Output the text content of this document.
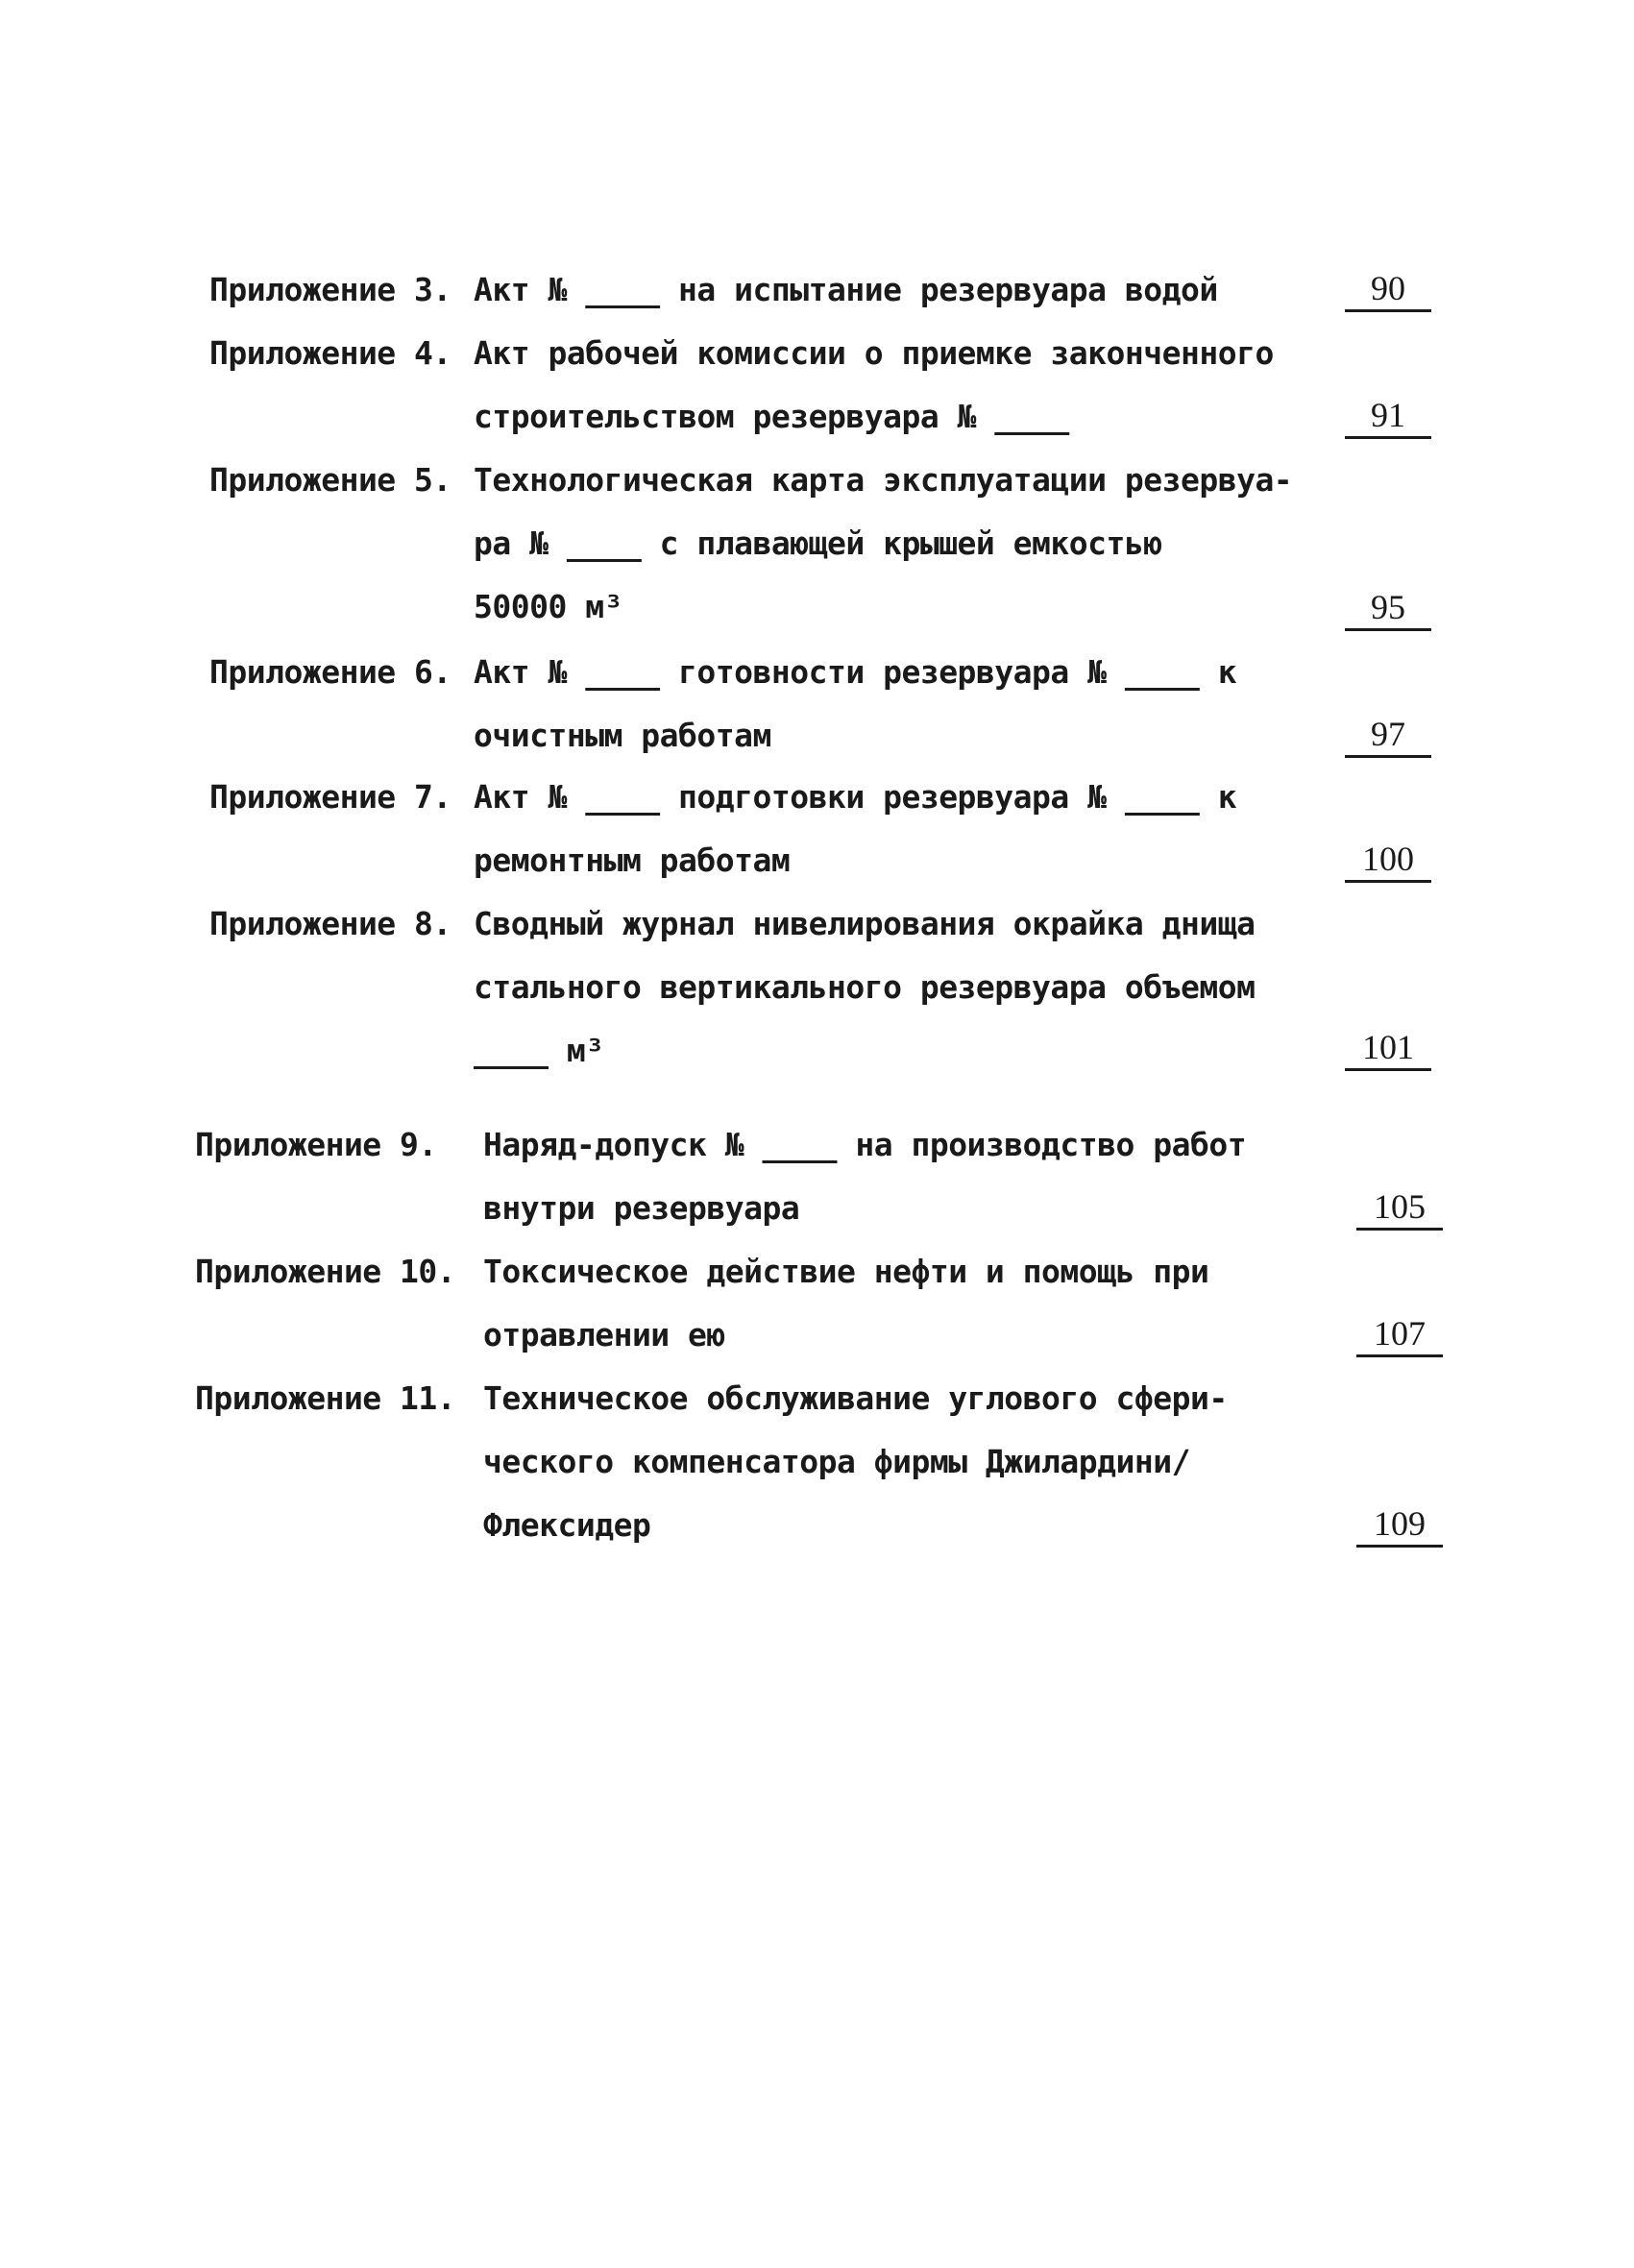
Приложение 3. Акт № ____ на испытание резервуара водой	90
Приложение 4. Акт рабочей комиссии о приемке законченного
строительством резервуара № ____	91
Приложение 5. Технологическая карта эксплуатации резервуа-
ра № ____ с плавающей крышей емкостью
50000 м³	95
Приложение 6. Акт № ____ готовности резервуара № ____ к
очистным работам	97
Приложение 7. Акт № ____ подготовки резервуара № ____ к
ремонтным работам	100
Приложение 8. Сводный журнал нивелирования окрайка днища
стального вертикального резервуара объемом
____ м³	101
Приложение 9. Наряд-допуск № ____ на производство работ
внутри резервуара	105
Приложение 10. Токсическое действие нефти и помощь при
отравлении ею	107
Приложение 11. Техническое обслуживание углового сфери-
ческого компенсатора фирмы Джилардини/
Флексидер	109
